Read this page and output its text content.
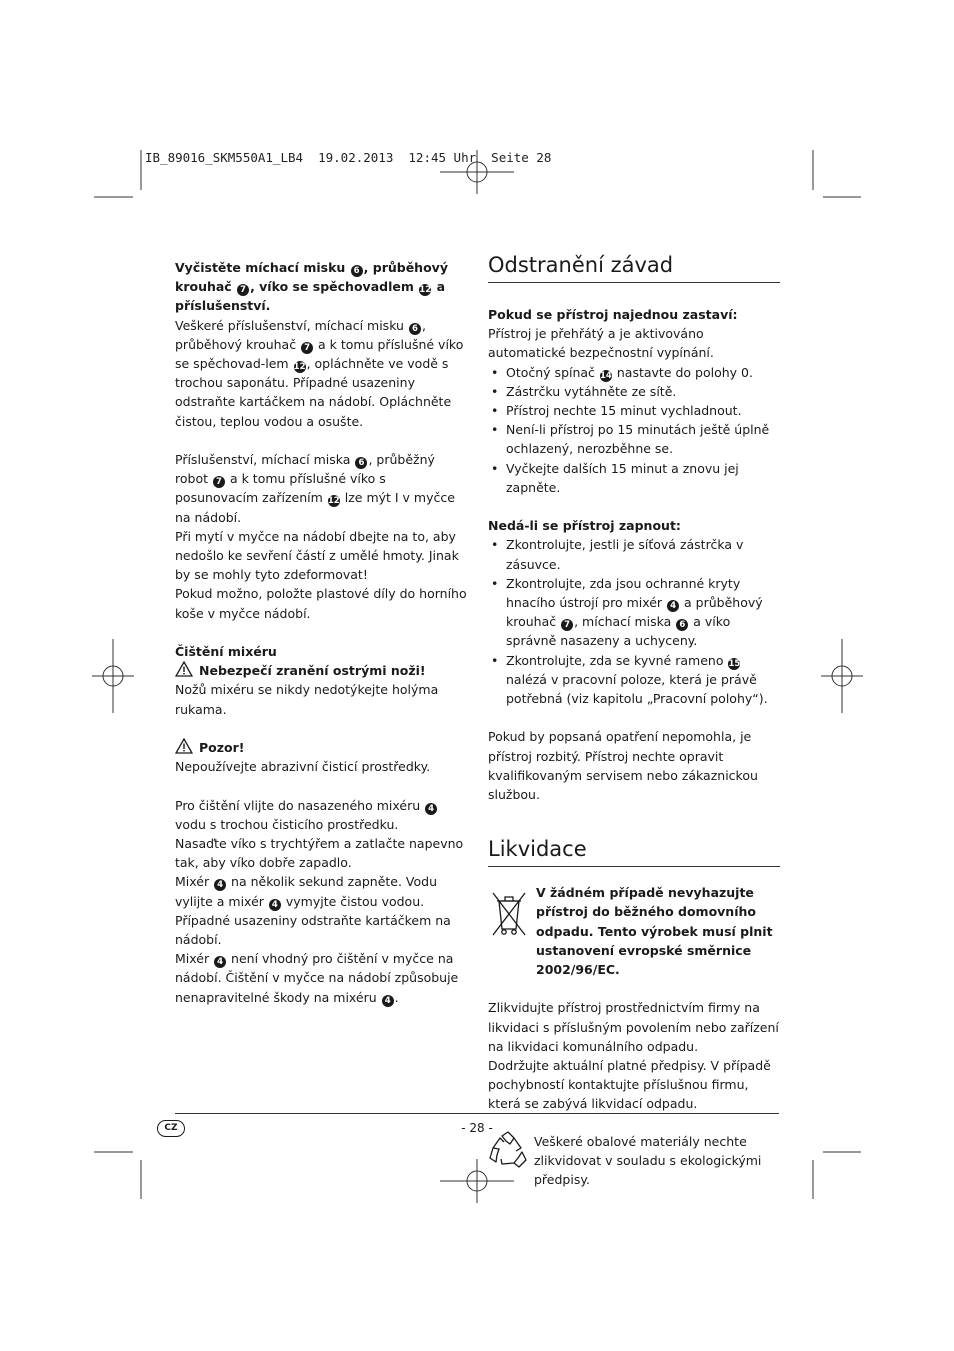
IB_89016_SKM550A1_LB4  19.02.2013  12:45 Uhr  Seite 28

Vyčistěte míchací misku 6 , průběhový krouhač 7 , víko se spěchovadlem 12 a příslušenství.

Veškeré příslušenství, míchací misku 6 , průběhový krouhač 7 a k tomu příslušné víko se spěchovad-lem 12, opláchněte ve vodě s trochou saponátu. Případné usazeniny odstraňte kartáčkem na nádobí. Opláchněte čistou, teplou vodou a osušte.

Příslušenství, míchací miska 6 , průběžný robot 7 a k tomu příslušné víko s posunovacím zařízením 12 lze mýt I v myčce na nádobí.

Při mytí v myčce na nádobí dbejte na to, aby nedošlo ke sevření částí z umělé hmoty. Jinak by se mohly tyto zdeformovat!

Pokud možno, položte plastové díly do horního koše v myčce nádobí.

Čištění mixéru

Nebezpečí zranění ostrými noži!

Nožů mixéru se nikdy nedotýkejte holýma rukama.

Pozor!

Nepoužívejte abrazivní čisticí prostředky.

Pro čištění vlijte do nasazeného mixéru 4 vodu s trochou čisticího prostředku.

Nasaďte víko s trychtýřem a zatlačte napevno tak, aby víko dobře zapadlo.

Mixér 4 na několik sekund zapněte. Vodu vylijte a mixér 4 vymyjte čistou vodou. Případné usazeniny odstraňte kartáčkem na nádobí.

Mixér 4 není vhodný pro čištění v myčce na nádobí. Čištění v myčce na nádobí způsobuje nenapravitelné škody na mixéru 4 .

Odstranění závad

Pokud se přístroj najednou zastaví:

Přístroj je přehřátý a je aktivováno automatické bezpečnostní vypínání.

• Otočný spínač 14 nastavte do polohy 0.
• Zástrčku vytáhněte ze sítě.
• Přístroj nechte 15 minut vychladnout.
• Není-li přístroj po 15 minutách ještě úplně ochlazený, nerozběhne se.
• Vyčkejte dalších 15 minut a znovu jej zapněte.

Nedá-li se přístroj zapnout:

• Zkontrolujte, jestli je síťová zástrčka v zásuvce.
• Zkontrolujte, zda jsou ochranné kryty hnacího ústrojí pro mixér 4 a průběhový krouhač 7 , míchací miska 6 a víko správně nasazeny a uchyceny.
• Zkontrolujte, zda se kyvné rameno 15 nalézá v pracovní poloze, která je právě potřebná (viz kapitolu „Pracovní polohy“).

Pokud by popsaná opatření nepomohla, je přístroj rozbitý. Přístroj nechte opravit kvalifikovaným servisem nebo zákaznickou službou.

Likvidace

V žádném případě nevyhazujte přístroj do běžného domovního odpadu. Tento výrobek musí plnit ustanovení evropské směrnice 2002/96/EC.

Zlikvidujte přístroj prostřednictvím firmy na likvidaci s příslušným povolením nebo zařízení na likvidaci komunálního odpadu.

Dodržujte aktuální platné předpisy. V případě pochybností kontaktujte příslušnou firmu, která se zabývá likvidací odpadu.

Veškeré obalové materiály nechte zlikvidovat v souladu s ekologickými předpisy.

CZ	- 28 -
